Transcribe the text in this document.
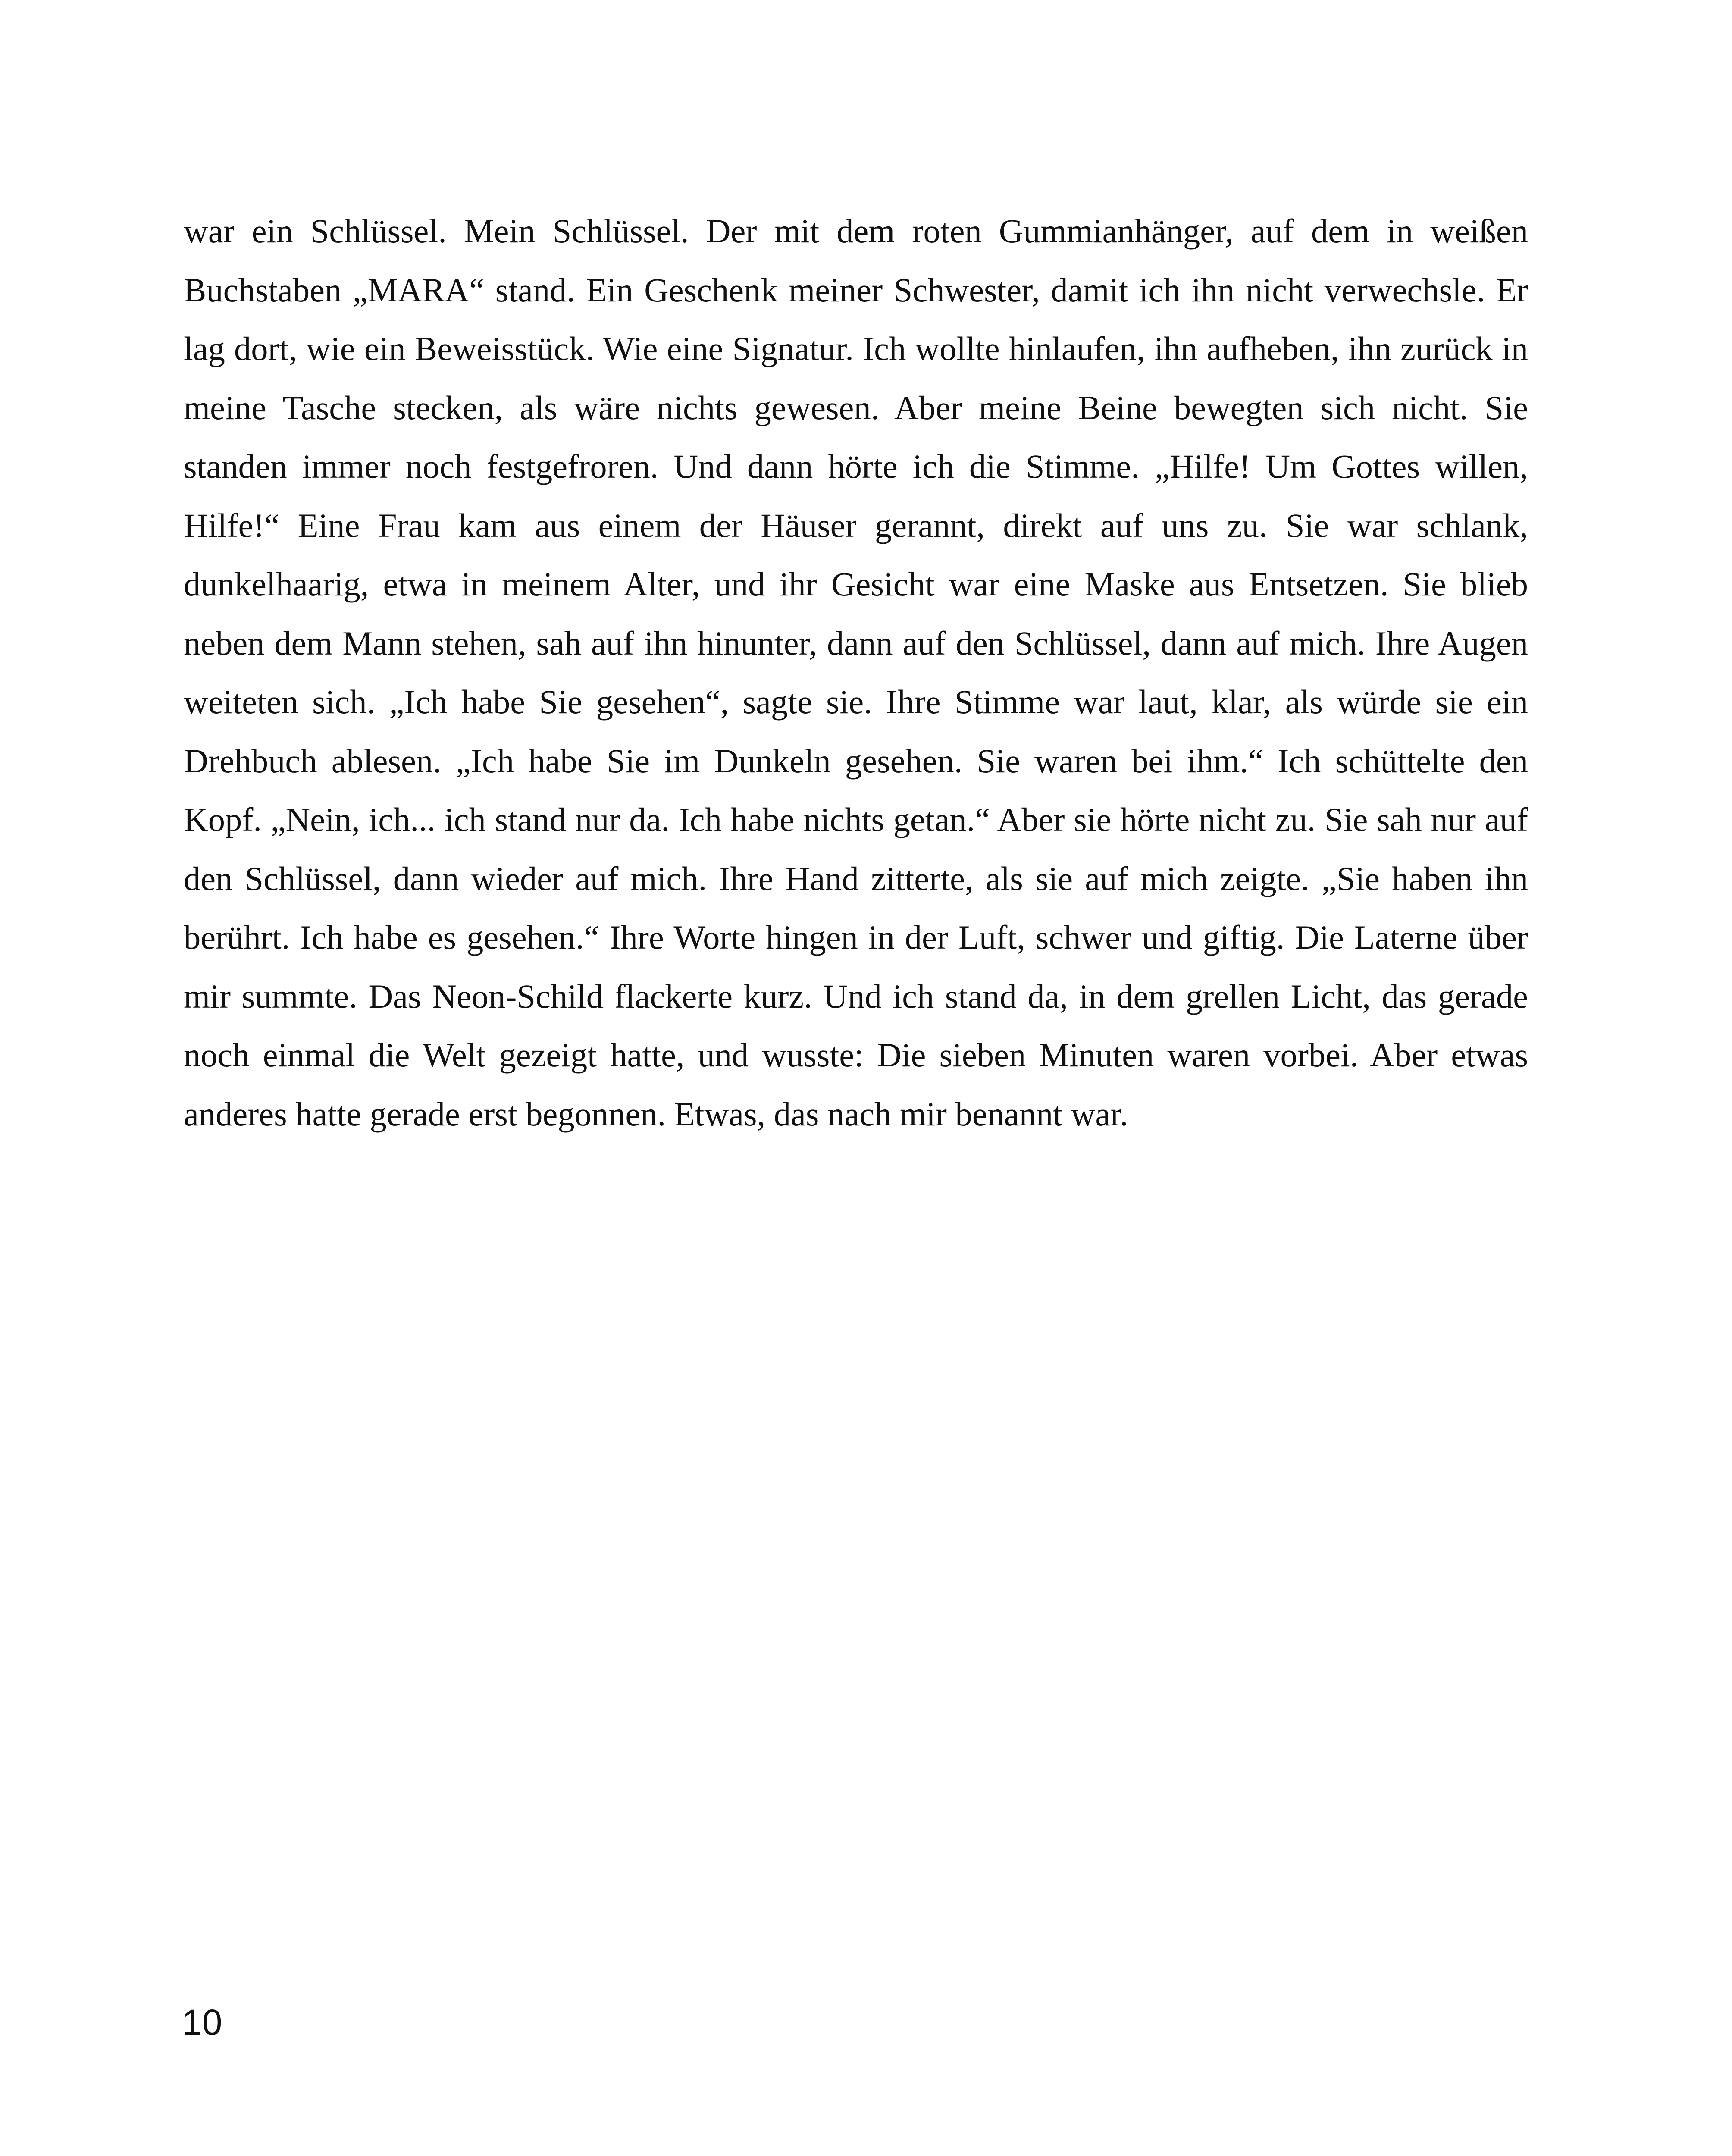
war ein Schlüssel. Mein Schlüssel. Der mit dem roten Gummianhänger, auf dem in weißen Buchstaben „MARA“ stand. Ein Geschenk meiner Schwester, damit ich ihn nicht verwechsle. Er lag dort, wie ein Beweisstück. Wie eine Signatur. Ich wollte hinlaufen, ihn aufheben, ihn zurück in meine Tasche stecken, als wäre nichts gewesen. Aber meine Beine bewegten sich nicht. Sie standen immer noch festgefroren. Und dann hörte ich die Stimme. „Hilfe! Um Gottes willen, Hilfe!“ Eine Frau kam aus einem der Häuser gerannt, direkt auf uns zu. Sie war schlank, dunkelhaarig, etwa in meinem Alter, und ihr Gesicht war eine Maske aus Entsetzen. Sie blieb neben dem Mann stehen, sah auf ihn hinunter, dann auf den Schlüssel, dann auf mich. Ihre Augen weiteten sich. „Ich habe Sie gesehen“, sagte sie. Ihre Stimme war laut, klar, als würde sie ein Drehbuch ablesen. „Ich habe Sie im Dunkeln gesehen. Sie waren bei ihm.“ Ich schüttelte den Kopf. „Nein, ich... ich stand nur da. Ich habe nichts getan.“ Aber sie hörte nicht zu. Sie sah nur auf den Schlüssel, dann wieder auf mich. Ihre Hand zitterte, als sie auf mich zeigte. „Sie haben ihn berührt. Ich habe es gesehen.“ Ihre Worte hingen in der Luft, schwer und giftig. Die Laterne über mir summte. Das Neon-Schild flackerte kurz. Und ich stand da, in dem grellen Licht, das gerade noch einmal die Welt gezeigt hatte, und wusste: Die sieben Minuten waren vorbei. Aber etwas anderes hatte gerade erst begonnen. Etwas, das nach mir benannt war.

10
